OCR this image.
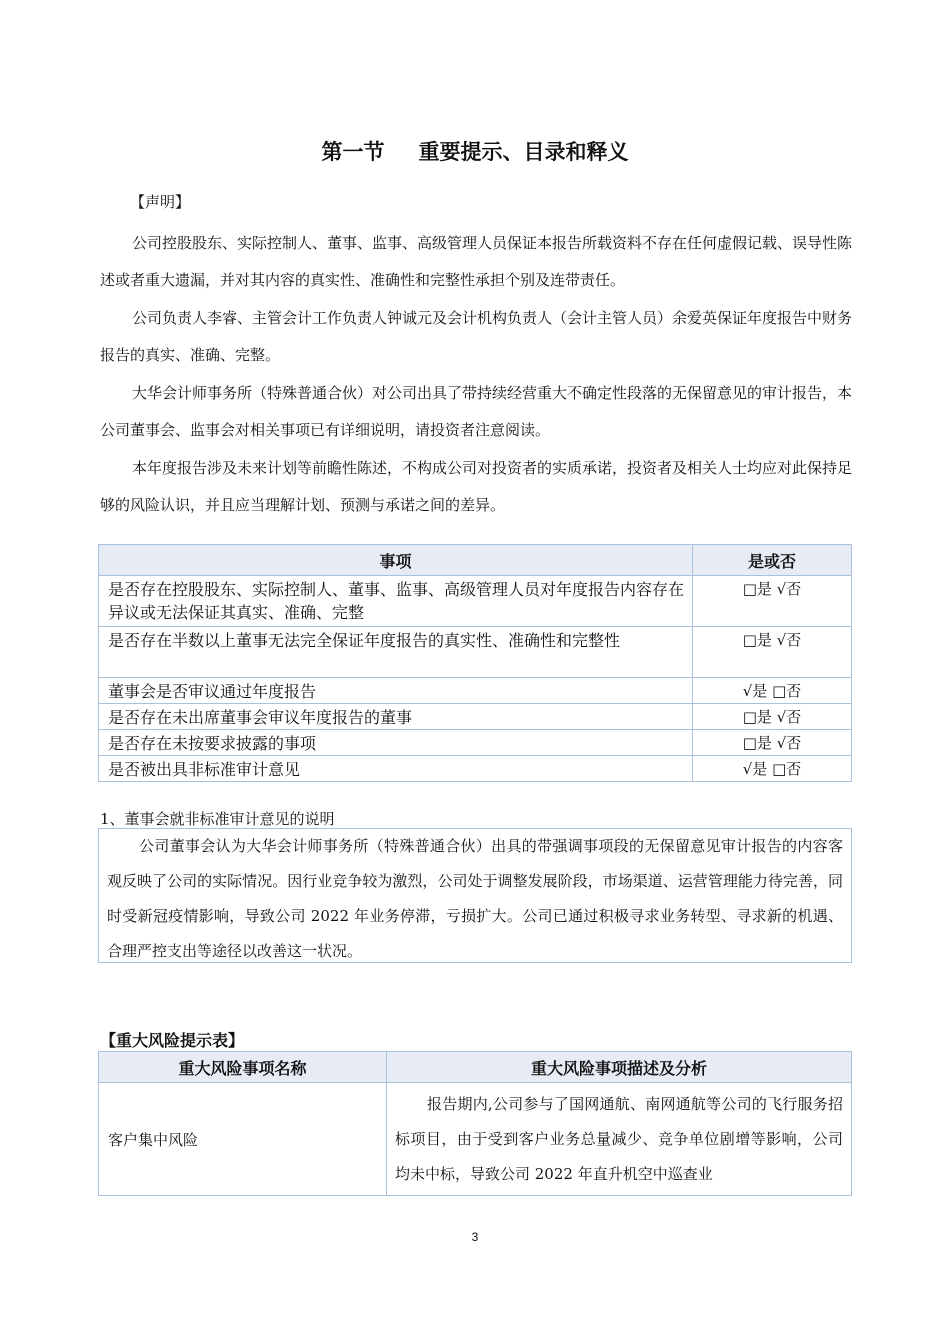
第一节 重要提示、目录和释义
【声明】
公司控股股东、实际控制人、董事、监事、高级管理人员保证本报告所载资料不存在任何虚假记载、误导性陈述或者重大遗漏，并对其内容的真实性、准确性和完整性承担个别及连带责任。
公司负责人李睿、主管会计工作负责人钟诚元及会计机构负责人（会计主管人员）余爱英保证年度报告中财务报告的真实、准确、完整。
大华会计师事务所（特殊普通合伙）对公司出具了带持续经营重大不确定性段落的无保留意见的审计报告，本公司董事会、监事会对相关事项已有详细说明，请投资者注意阅读。
本年度报告涉及未来计划等前瞻性陈述，不构成公司对投资者的实质承诺，投资者及相关人士均应对此保持足够的风险认识，并且应当理解计划、预测与承诺之间的差异。
事项	是或否
是否存在控股股东、实际控制人、董事、监事、高级管理人员对年度报告内容存在异议或无法保证其真实、准确、完整	□是 √否
是否存在半数以上董事无法完全保证年度报告的真实性、准确性和完整性	□是 √否
董事会是否审议通过年度报告	√是 □否
是否存在未出席董事会审议年度报告的董事	□是 √否
是否存在未按要求披露的事项	□是 √否
是否被出具非标准审计意见	√是 □否
1、董事会就非标准审计意见的说明

公司董事会认为大华会计师事务所（特殊普通合伙）出具的带强调事项段的无保留意见审计报告的内容客观反映了公司的实际情况。因行业竞争较为激烈，公司处于调整发展阶段，市场渠道、运营管理能力待完善，同时受新冠疫情影响，导致公司 2022 年业务停滞，亏损扩大。公司已通过积极寻求业务转型、寻求新的机遇、合理严控支出等途径以改善这一状况。

【重大风险提示表】
重大风险事项名称	重大风险事项描述及分析
客户集中风险	报告期内,公司参与了国网通航、南网通航等公司的飞行服务招标项目，由于受到客户业务总量减少、竞争单位剧增等影响，公司均未中标，导致公司 2022 年直升机空中巡查业
3
